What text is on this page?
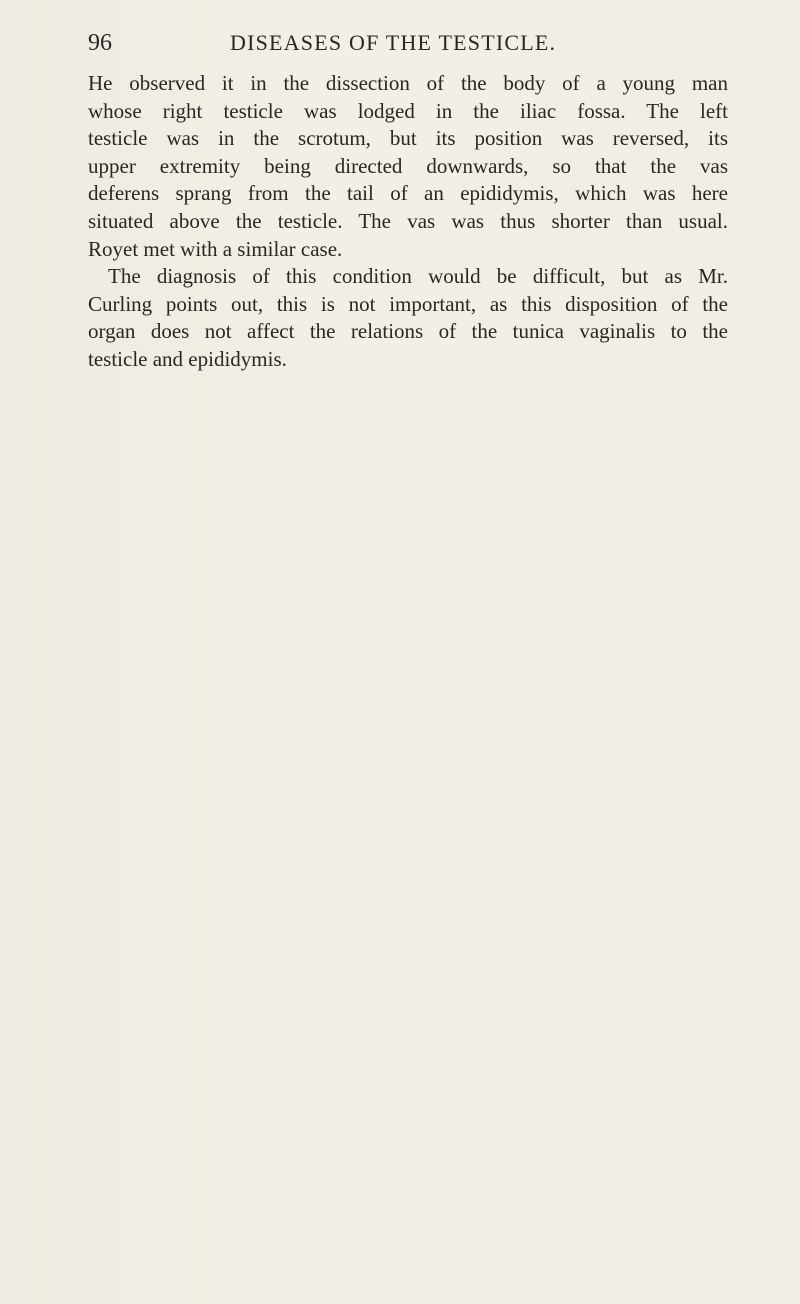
96	DISEASES OF THE TESTICLE.

He observed it in the dissection of the body of a young man
whose right testicle was lodged in the iliac fossa. The left
testicle was in the scrotum, but its position was reversed, its
upper extremity being directed downwards, so that the vas
deferens sprang from the tail of an epididymis, which was here
situated above the testicle. The vas was thus shorter than usual.
Royet met with a similar case.

The diagnosis of this condition would be difficult, but as Mr.
Curling points out, this is not important, as this disposition of the
organ does not affect the relations of the tunica vaginalis to the
testicle and epididymis.
